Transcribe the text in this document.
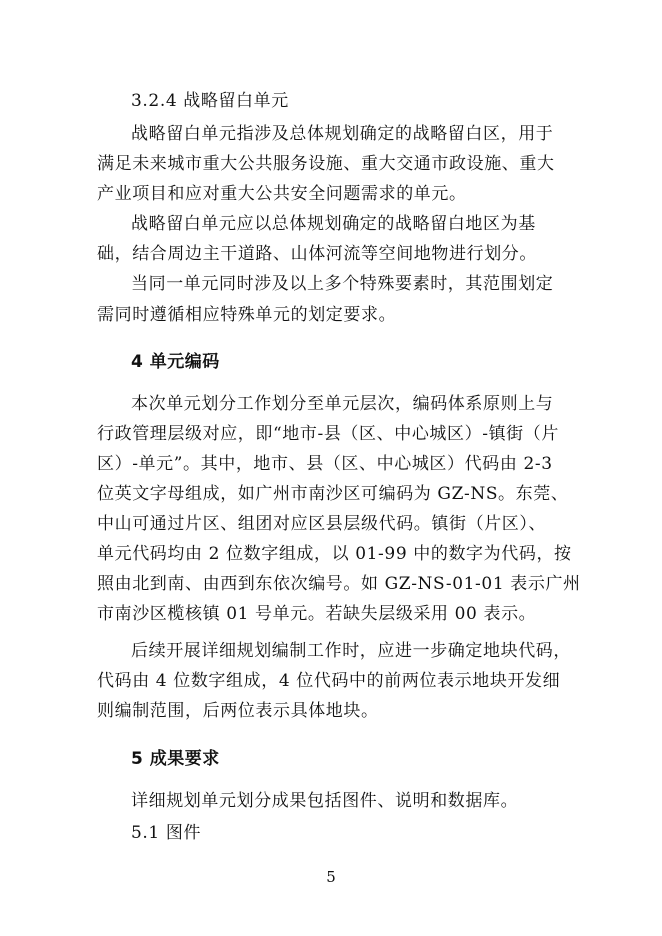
3.2.4 战略留白单元
战略留白单元指涉及总体规划确定的战略留白区，用于
满足未来城市重大公共服务设施、重大交通市政设施、重大
产业项目和应对重大公共安全问题需求的单元。
战略留白单元应以总体规划确定的战略留白地区为基
础，结合周边主干道路、山体河流等空间地物进行划分。
当同一单元同时涉及以上多个特殊要素时，其范围划定
需同时遵循相应特殊单元的划定要求。
4 单元编码
本次单元划分工作划分至单元层次，编码体系原则上与
行政管理层级对应，即“地市-县（区、中心城区）-镇街（片
区）-单元”。其中，地市、县（区、中心城区）代码由 2-3
位英文字母组成，如广州市南沙区可编码为 GZ-NS。东莞、
中山可通过片区、组团对应区县层级代码。镇街（片区）、
单元代码均由 2 位数字组成，以 01-99 中的数字为代码，按
照由北到南、由西到东依次编号。如 GZ-NS-01-01 表示广州
市南沙区榄核镇 01 号单元。若缺失层级采用 00 表示。
后续开展详细规划编制工作时，应进一步确定地块代码，
代码由 4 位数字组成，4 位代码中的前两位表示地块开发细
则编制范围，后两位表示具体地块。
5 成果要求
详细规划单元划分成果包括图件、说明和数据库。
5.1 图件
5
